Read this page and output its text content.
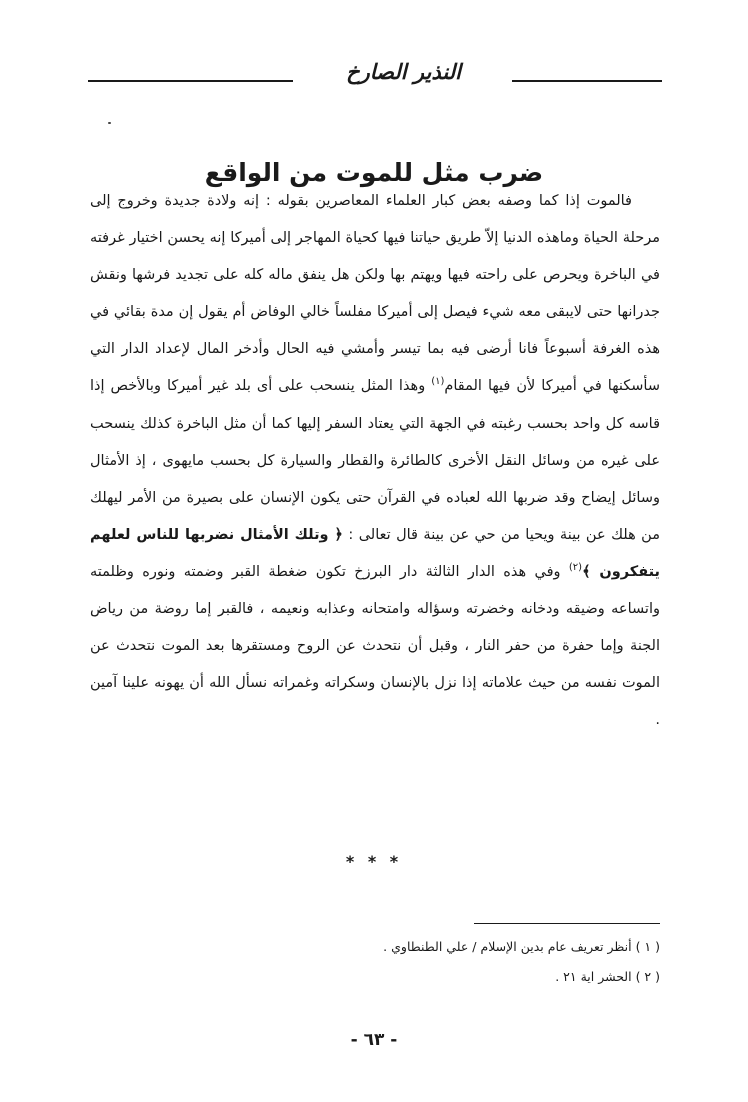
النذير الصارخ
ضرب مثل للموت من الواقع

فالموت إذا كما وصفه بعض كبار العلماء المعاصرين بقوله : إنه ولادة جديدة وخروج إلى مرحلة الحياة وماهذه الدنيا إلاّ طريق حياتنا فيها كحياة المهاجر إلى أميركا إنه يحسن اختيار غرفته في الباخرة ويحرص على راحته فيها ويهتم بها ولكن هل ينفق ماله كله على تجديد فرشها ونقش جدرانها حتى لايبقى معه شيء فيصل إلى أميركا مفلساً خالي الوفاض أم يقول إن مدة بقائي في هذه الغرفة أسبوعاً فانا أرضى فيه بما تيسر وأمشي فيه الحال وأدخر المال لإعداد الدار التي سأسكنها في أميركا لأن فيها المقام$^{(١)}$ وهذا المثل ينسحب على أى بلد غير أميركا وبالأخص إذا قاسه كل واحد بحسب رغبته في الجهة التي يعتاد السفر إليها كما أن مثل الباخرة كذلك ينسحب على غيره من وسائل النقل الأخرى كالطائرة والقطار والسيارة كل بحسب مايهوى ، إذ الأمثال وسائل إيضاح وقد ضربها الله لعباده في القرآن حتى يكون الإنسان على بصيرة من الأمر ليهلك من هلك عن بينة ويحيا من حي عن بينة قال تعالى : ﴿ وتلك الأمثال نضربها للناس لعلهم يتفكرون ﴾$^{(٢)}$ وفي هذه الدار الثالثة دار البرزخ تكون ضغطة القبر وضمته ونوره وظلمته واتساعه وضيقه ودخانه وخضرته وسؤاله وامتحانه وعذابه ونعيمه ، فالقبر إما روضة من رياض الجنة وإما حفرة من حفر النار ، وقبل أن نتحدث عن الروح ومستقرها بعد الموت نتحدث عن الموت نفسه من حيث علاماته إذا نزل بالإنسان وسكراته وغمراته نسأل الله أن يهونه علينا آمين .

* * *

( ١ ) أنظر تعريف عام بدين الإسلام / علي الطنطاوي .

( ٢ ) الحشر اية ٢١ .

- ٦٣ -
